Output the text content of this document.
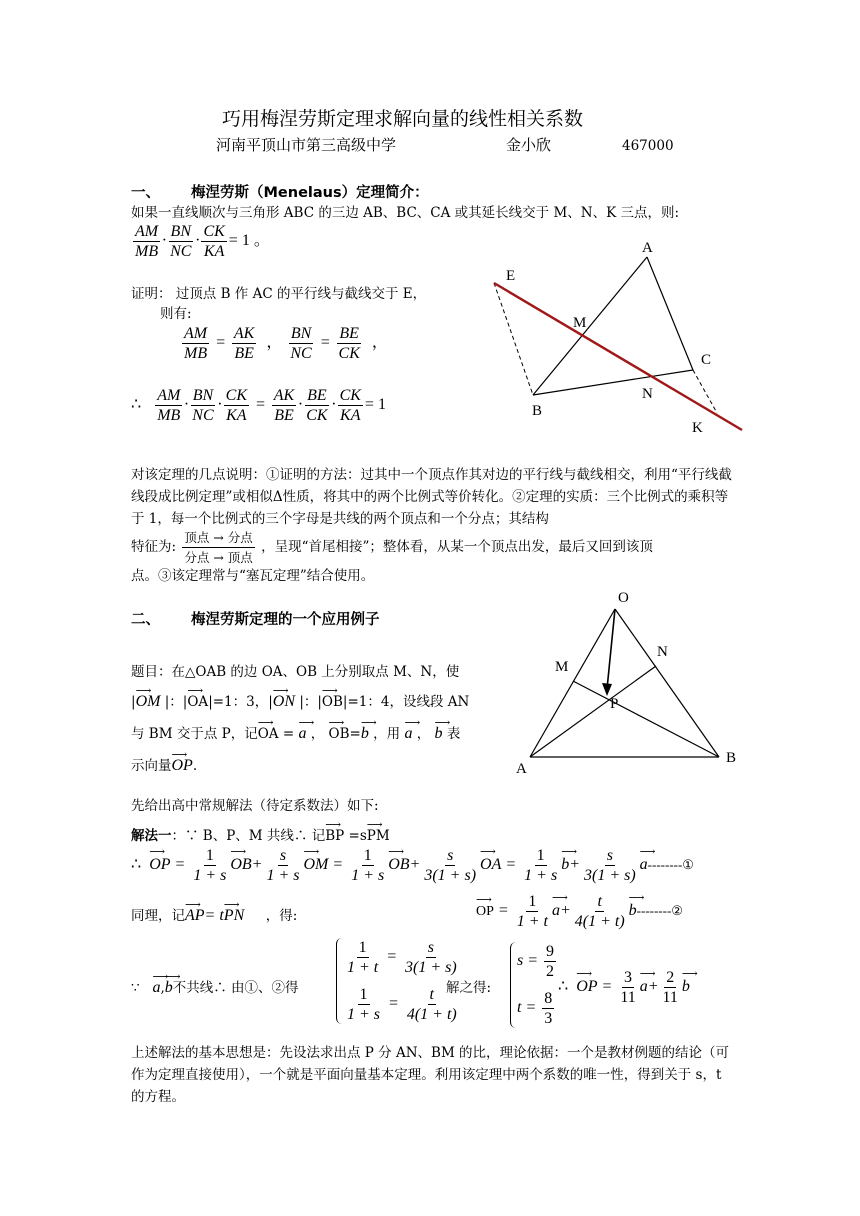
巧用梅涅劳斯定理求解向量的线性相关系数
河南平顶山市第三高级中学	金小欣	467000
一、 梅涅劳斯（Menelaus）定理简介：
如果一直线顺次与三角形 ABC 的三边 AB、BC、CA 或其延长线交于 M、N、K 三点，则:
$\frac{AM}{MB} \cdot \frac{BN}{NC} \cdot \frac{CK}{KA} = 1$ 。
证明： 过顶点 B 作 AC 的平行线与截线交于 E，
则有:
$\frac{AM}{MB} = \frac{AK}{BE}$ ， $\frac{BN}{NC} = \frac{BE}{CK}$ ，
∴ $\frac{AM}{MB} \cdot \frac{BN}{NC} \cdot \frac{CK}{KA} = \frac{AK}{BE} \cdot \frac{BE}{CK} \cdot \frac{CK}{KA} = 1$
A
E
M
C
N
B
K
对该定理的几点说明：①证明的方法：过其中一个顶点作其对边的平行线与截线相交，利用“平行线截线段成比例定理”或相似Δ性质，将其中的两个比例式等价转化。②定理的实质：三个比例式的乘积等于 1，每一个比例式的三个字母是共线的两个顶点和一个分点；其结构
特征为: $\frac{\text{顶点 → 分点}}{\text{分点 → 顶点}}$ ，呈现“首尾相接”；整体看，从某一个顶点出发，最后又回到该顶
点。③该定理常与“塞瓦定理”结合使用。
二、 梅涅劳斯定理的一个应用例子
题目：在△OAB 的边 OA、OB 上分别取点 M、N，使
|⟶ OM |：|⟶ OA|=1：3，|⟶ ON |：|⟶ OB|=1：4，设线段 AN
与 BM 交于点 P，记⟶ OA = ⟶ a ， ⟶ OB=⟶ b ，用 ⟶ a ， ⟶ b 表
示向量⟶ OP.
O
M
N
P
A
B
先给出高中常规解法（待定系数法）如下:
解法一：∵ B、P、M 共线∴ 记⟶ BP =s⟶ PM
∴ ⟶ OP = $\frac{1}{1 + s}$ ⟶ $OB+ \frac{s}{1 + s}$ ⟶ OM = $\frac{1}{1 + s}$ ⟶ $OB+ \frac{s}{3(1 + s)}$ ⟶ OA = $\frac{1}{1 + s}$ ⟶ $b+ \frac{s}{3(1 + s)}$ ⟶ a--------①
同理，记⟶ AP= t⟶ PN ，得:	⟶ OP = $\frac{1}{1 + t}$ ⟶ $a+ \frac{t}{4(1 + t)}$ ⟶ b--------②
∵ ⟶ a,⟶ b不共线∴ 由①、②得
$\frac{1}{1 + t} = \frac{s}{3(1 + s)}$
$\frac{1}{1 + s} = \frac{t}{4(1 + t)}$
解之得:
$s = \frac{9}{2}$
$t = \frac{8}{3}$
∴ ⟶ OP = $\frac{3}{11}$ ⟶ $a+ \frac{2}{11}$ ⟶ b
上述解法的基本思想是：先设法求出点 P 分 AN、BM 的比，理论依据：一个是教材例题的结论（可作为定理直接使用），一个就是平面向量基本定理。利用该定理中两个系数的唯一性，得到关于 s，t 的方程。
